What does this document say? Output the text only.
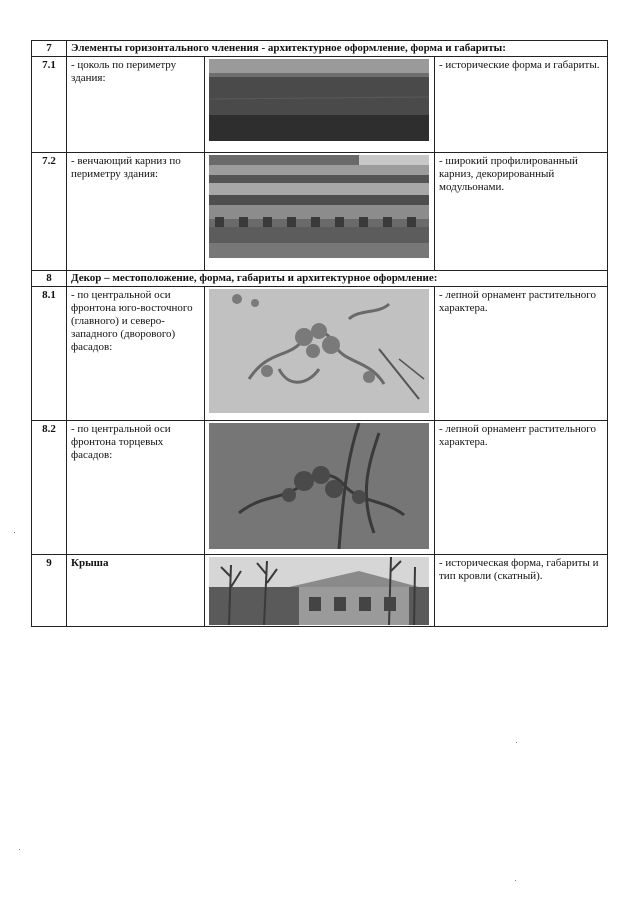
7	Элементы горизонтального членения - архитектурное оформление, форма и габариты:		
7.1	- цоколь по периметру здания:		- исторические форма и габариты.
7.2	- венчающий карниз по периметру здания:		- широкий профилированный карниз, декорированный модульонами.
8	Декор – местоположение, форма, габариты и архитектурное оформление:		
8.1	- по центральной оси фронтона юго-восточного (главного) и северо-западного (дворового) фасадов:		- лепной орнамент растительного характера.
8.2	- по центральной оси фронтона торцевых фасадов:		- лепной орнамент растительного характера.
9	Крыша		- историческая форма, габариты и тип кровли (скатный).
